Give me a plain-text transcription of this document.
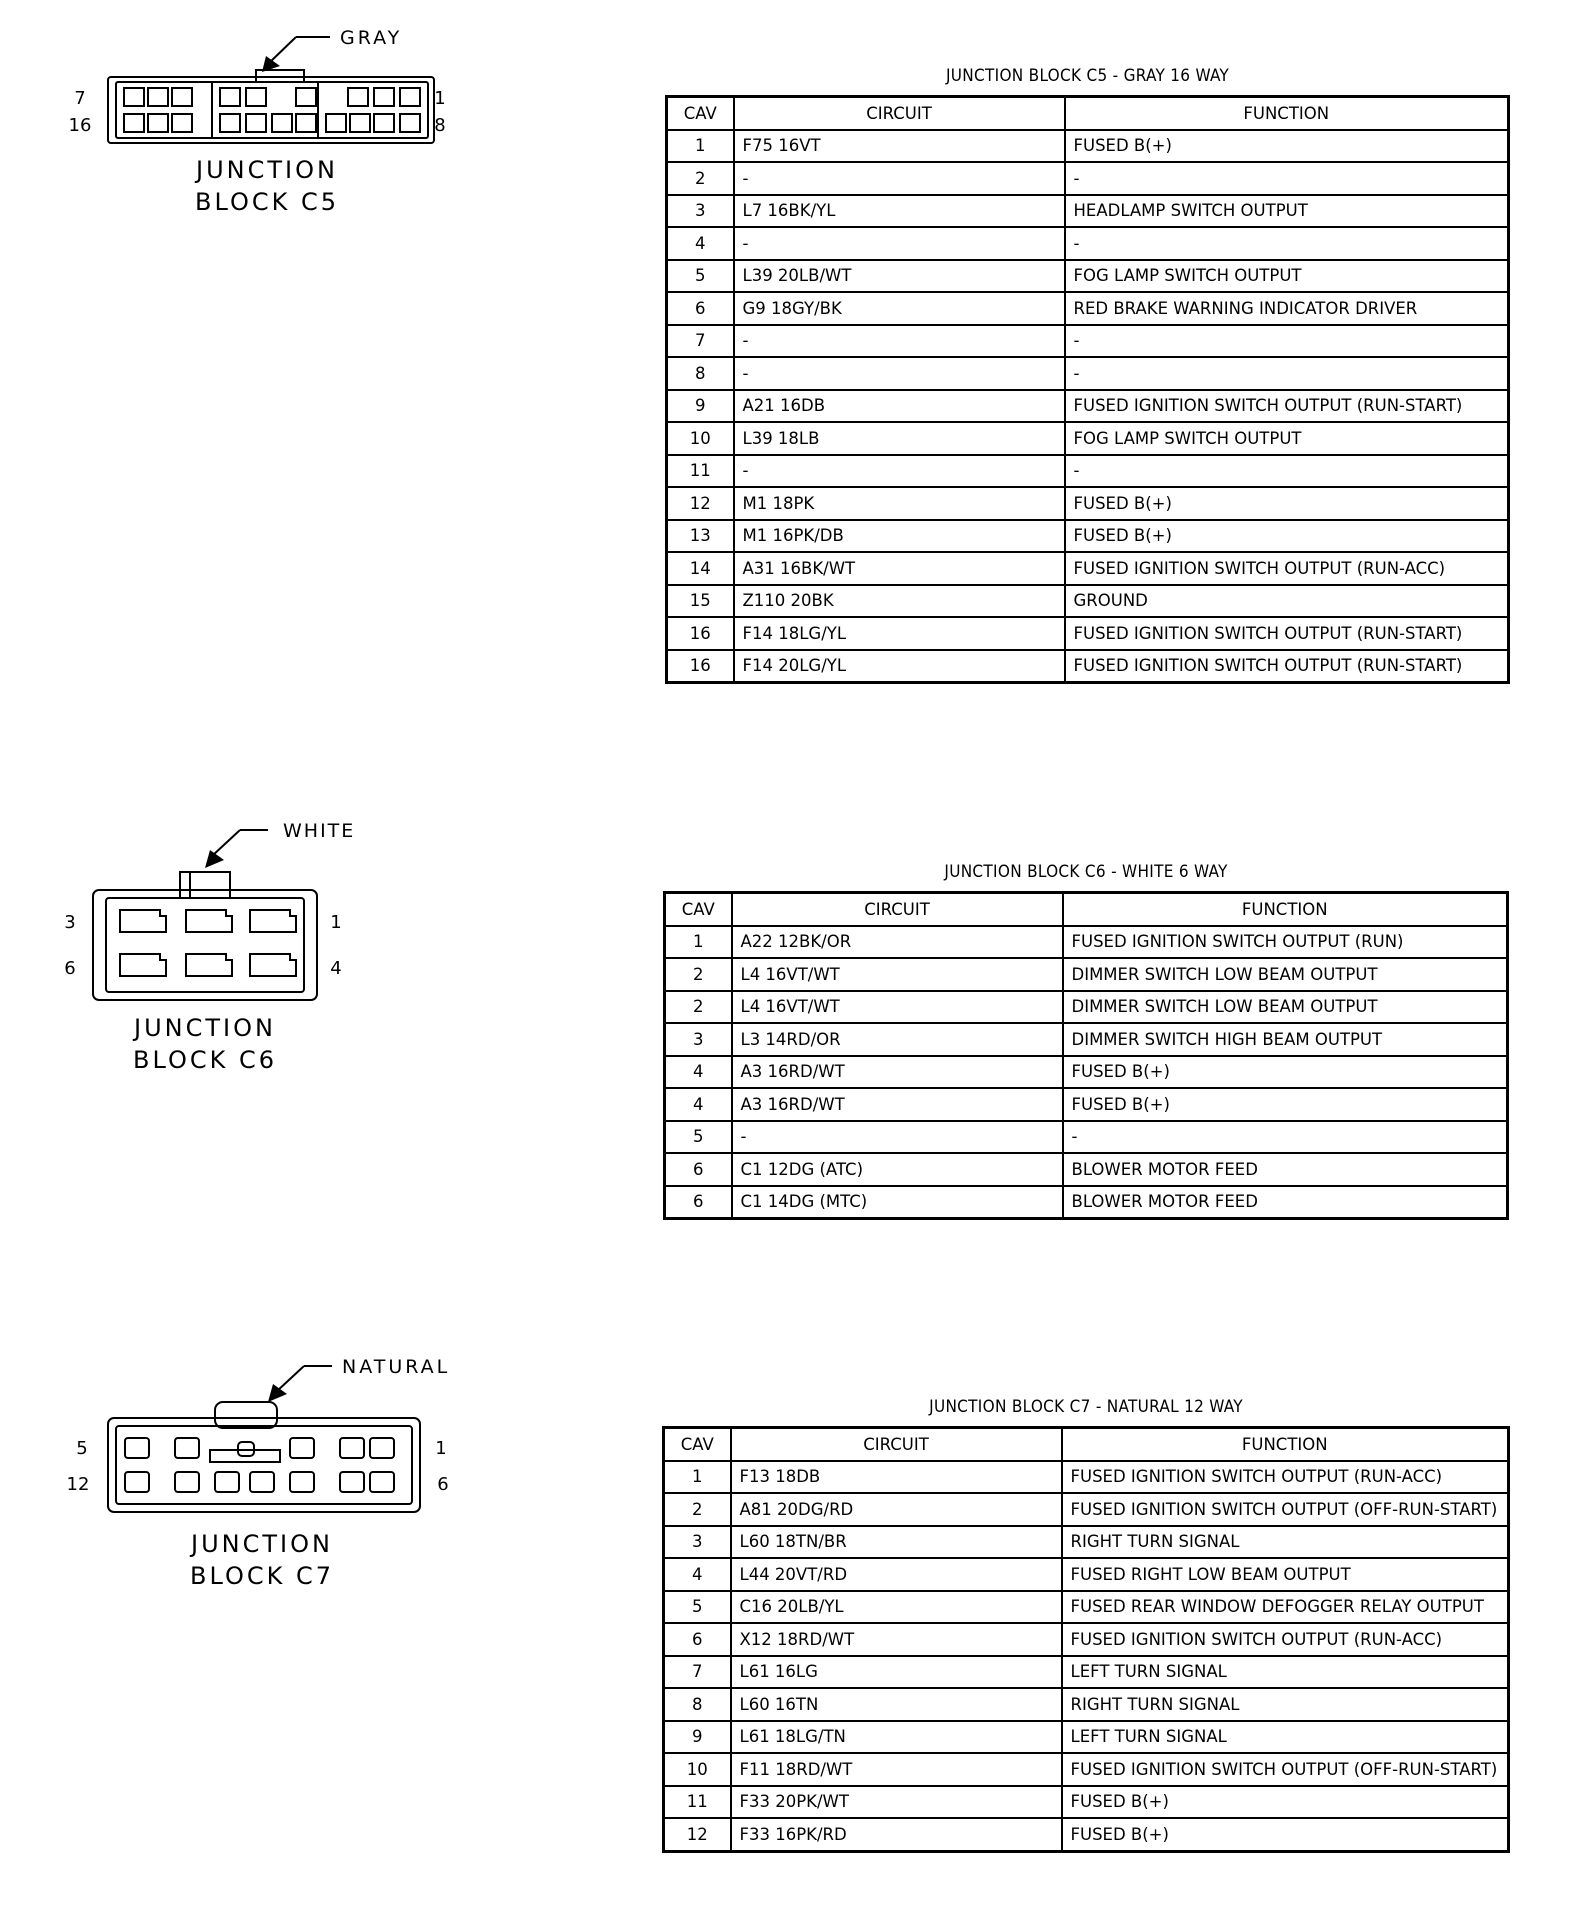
GRAY
7
16
1
8
JUNCTION
BLOCK C5
JUNCTION BLOCK C5 - GRAY 16 WAY
CAV	CIRCUIT	FUNCTION
1	F75 16VT	FUSED B(+)
2	-	-
3	L7 16BK/YL	HEADLAMP SWITCH OUTPUT
4	-	-
5	L39 20LB/WT	FOG LAMP SWITCH OUTPUT
6	G9 18GY/BK	RED BRAKE WARNING INDICATOR DRIVER
7	-	-
8	-	-
9	A21 16DB	FUSED IGNITION SWITCH OUTPUT (RUN-START)
10	L39 18LB	FOG LAMP SWITCH OUTPUT
11	-	-
12	M1 18PK	FUSED B(+)
13	M1 16PK/DB	FUSED B(+)
14	A31 16BK/WT	FUSED IGNITION SWITCH OUTPUT (RUN-ACC)
15	Z110 20BK	GROUND
16	F14 18LG/YL	FUSED IGNITION SWITCH OUTPUT (RUN-START)
16	F14 20LG/YL	FUSED IGNITION SWITCH OUTPUT (RUN-START)
WHITE
3
6
1
4
JUNCTION
BLOCK C6
JUNCTION BLOCK C6 - WHITE 6 WAY
CAV	CIRCUIT	FUNCTION
1	A22 12BK/OR	FUSED IGNITION SWITCH OUTPUT (RUN)
2	L4 16VT/WT	DIMMER SWITCH LOW BEAM OUTPUT
2	L4 16VT/WT	DIMMER SWITCH LOW BEAM OUTPUT
3	L3 14RD/OR	DIMMER SWITCH HIGH BEAM OUTPUT
4	A3 16RD/WT	FUSED B(+)
4	A3 16RD/WT	FUSED B(+)
5	-	-
6	C1 12DG (ATC)	BLOWER MOTOR FEED
6	C1 14DG (MTC)	BLOWER MOTOR FEED
NATURAL
5
12
1
6
JUNCTION
BLOCK C7
JUNCTION BLOCK C7 - NATURAL 12 WAY
CAV	CIRCUIT	FUNCTION
1	F13 18DB	FUSED IGNITION SWITCH OUTPUT (RUN-ACC)
2	A81 20DG/RD	FUSED IGNITION SWITCH OUTPUT (OFF-RUN-START)
3	L60 18TN/BR	RIGHT TURN SIGNAL
4	L44 20VT/RD	FUSED RIGHT LOW BEAM OUTPUT
5	C16 20LB/YL	FUSED REAR WINDOW DEFOGGER RELAY OUTPUT
6	X12 18RD/WT	FUSED IGNITION SWITCH OUTPUT (RUN-ACC)
7	L61 16LG	LEFT TURN SIGNAL
8	L60 16TN	RIGHT TURN SIGNAL
9	L61 18LG/TN	LEFT TURN SIGNAL
10	F11 18RD/WT	FUSED IGNITION SWITCH OUTPUT (OFF-RUN-START)
11	F33 20PK/WT	FUSED B(+)
12	F33 16PK/RD	FUSED B(+)
